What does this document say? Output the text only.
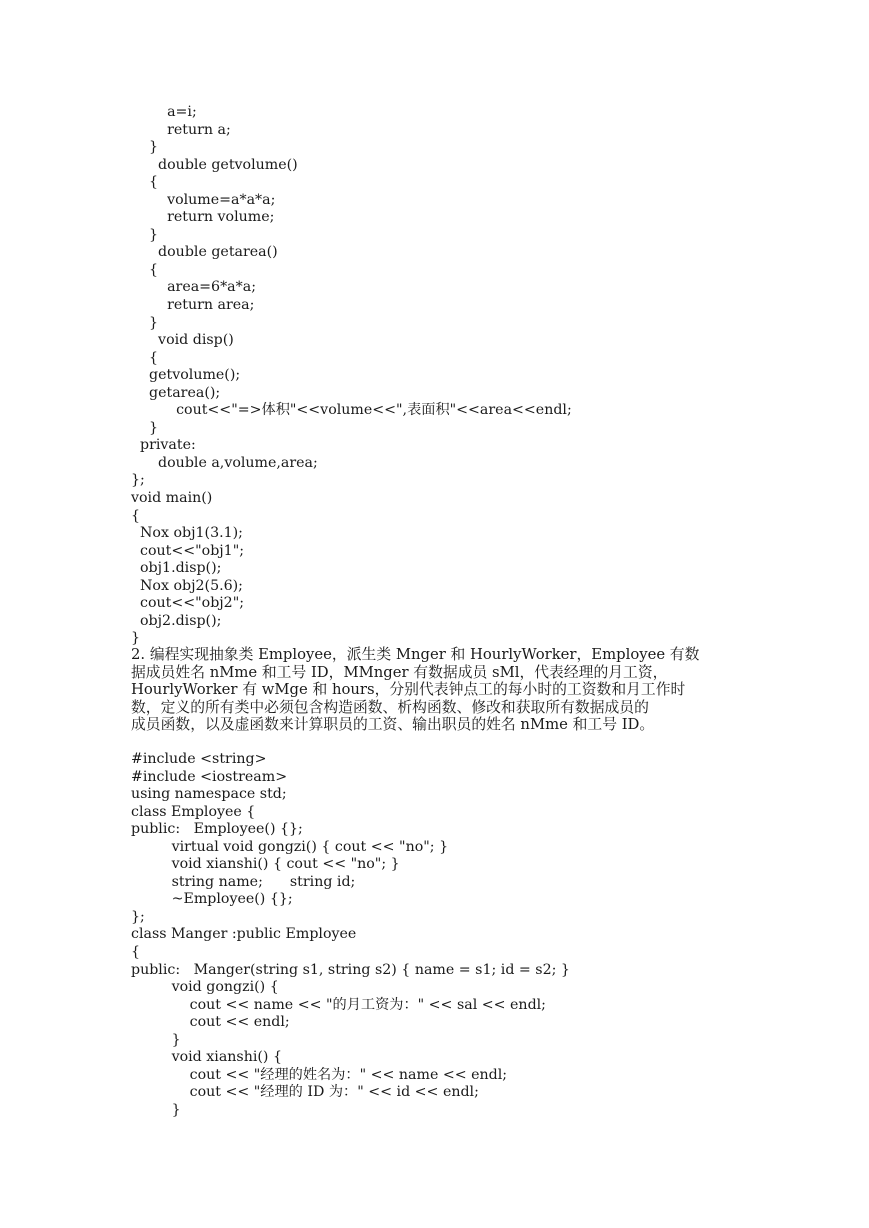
a=i;
return a;
}
double getvolume()
{
volume=a*a*a;
return volume;
}
double getarea()
{
area=6*a*a;
return area;
}
void disp()
{
getvolume();
getarea();
cout<<"=>体积"<<volume<<",表面积"<<area<<endl;
}
private:
double a,volume,area;
};
void main()
{
Nox obj1(3.1);
cout<<"obj1";
obj1.disp();
Nox obj2(5.6);
cout<<"obj2";
obj2.disp();
}
2. 编程实现抽象类 Employee，派生类 Mnger 和 HourlyWorker，Employee 有数
据成员姓名 nMme 和工号 ID，MMnger 有数据成员 sMl，代表经理的月工资，
HourlyWorker 有 wMge 和 hours，分别代表钟点工的每小时的工资数和月工作时
数，定义的所有类中必须包含构造函数、析构函数、修改和获取所有数据成员的
成员函数，以及虚函数来计算职员的工资、输出职员的姓名 nMme 和工号 ID。
#include <string>
#include <iostream>
using namespace std;
class Employee {
public:   Employee() {};
virtual void gongzi() { cout << "no"; }
void xianshi() { cout << "no"; }
string name;      string id;
~Employee() {};
};
class Manger :public Employee
{
public:   Manger(string s1, string s2) { name = s1; id = s2; }
void gongzi() {
cout << name << "的月工资为：" << sal << endl;
cout << endl;
}
void xianshi() {
cout << "经理的姓名为：" << name << endl;
cout << "经理的 ID 为：" << id << endl;
}
